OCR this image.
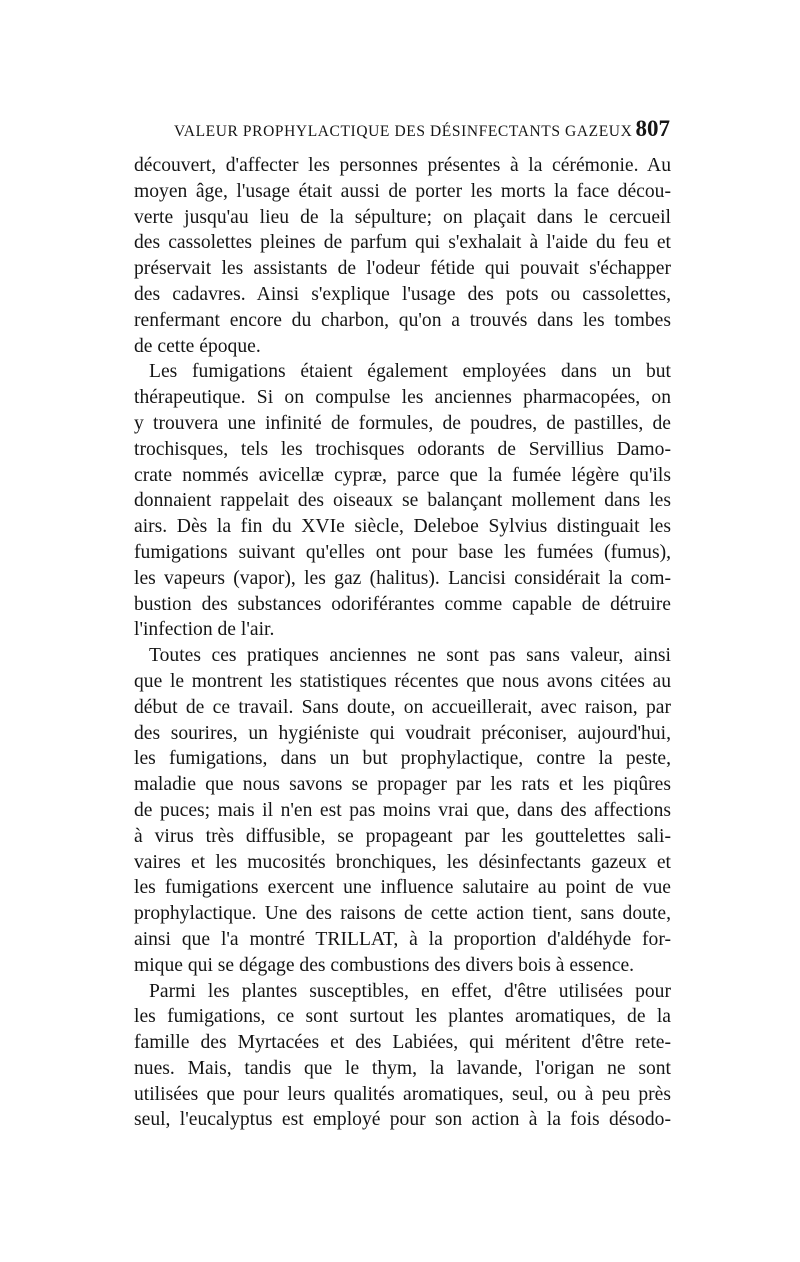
VALEUR PROPHYLACTIQUE DES DÉSINFECTANTS GAZEUX 807
découvert, d'affecter les personnes présentes à la cérémonie. Au
moyen âge, l'usage était aussi de porter les morts la face décou-
verte jusqu'au lieu de la sépulture; on plaçait dans le cercueil
des cassolettes pleines de parfum qui s'exhalait à l'aide du feu et
préservait les assistants de l'odeur fétide qui pouvait s'échapper
des cadavres. Ainsi s'explique l'usage des pots ou cassolettes,
renfermant encore du charbon, qu'on a trouvés dans les tombes
de cette époque.
Les fumigations étaient également employées dans un but
thérapeutique. Si on compulse les anciennes pharmacopées, on
y trouvera une infinité de formules, de poudres, de pastilles, de
trochisques, tels les trochisques odorants de Servillius Damo-
crate nommés avicellæ cypræ, parce que la fumée légère qu'ils
donnaient rappelait des oiseaux se balançant mollement dans les
airs. Dès la fin du XVIe siècle, Deleboe Sylvius distinguait les
fumigations suivant qu'elles ont pour base les fumées (fumus),
les vapeurs (vapor), les gaz (halitus). Lancisi considérait la com-
bustion des substances odoriférantes comme capable de détruire
l'infection de l'air.
Toutes ces pratiques anciennes ne sont pas sans valeur, ainsi
que le montrent les statistiques récentes que nous avons citées au
début de ce travail. Sans doute, on accueillerait, avec raison, par
des sourires, un hygiéniste qui voudrait préconiser, aujourd'hui,
les fumigations, dans un but prophylactique, contre la peste,
maladie que nous savons se propager par les rats et les piqûres
de puces; mais il n'en est pas moins vrai que, dans des affections
à virus très diffusible, se propageant par les gouttelettes sali-
vaires et les mucosités bronchiques, les désinfectants gazeux et
les fumigations exercent une influence salutaire au point de vue
prophylactique. Une des raisons de cette action tient, sans doute,
ainsi que l'a montré TRILLAT, à la proportion d'aldéhyde for-
mique qui se dégage des combustions des divers bois à essence.
Parmi les plantes susceptibles, en effet, d'être utilisées pour
les fumigations, ce sont surtout les plantes aromatiques, de la
famille des Myrtacées et des Labiées, qui méritent d'être rete-
nues. Mais, tandis que le thym, la lavande, l'origan ne sont
utilisées que pour leurs qualités aromatiques, seul, ou à peu près
seul, l'eucalyptus est employé pour son action à la fois désodo-
